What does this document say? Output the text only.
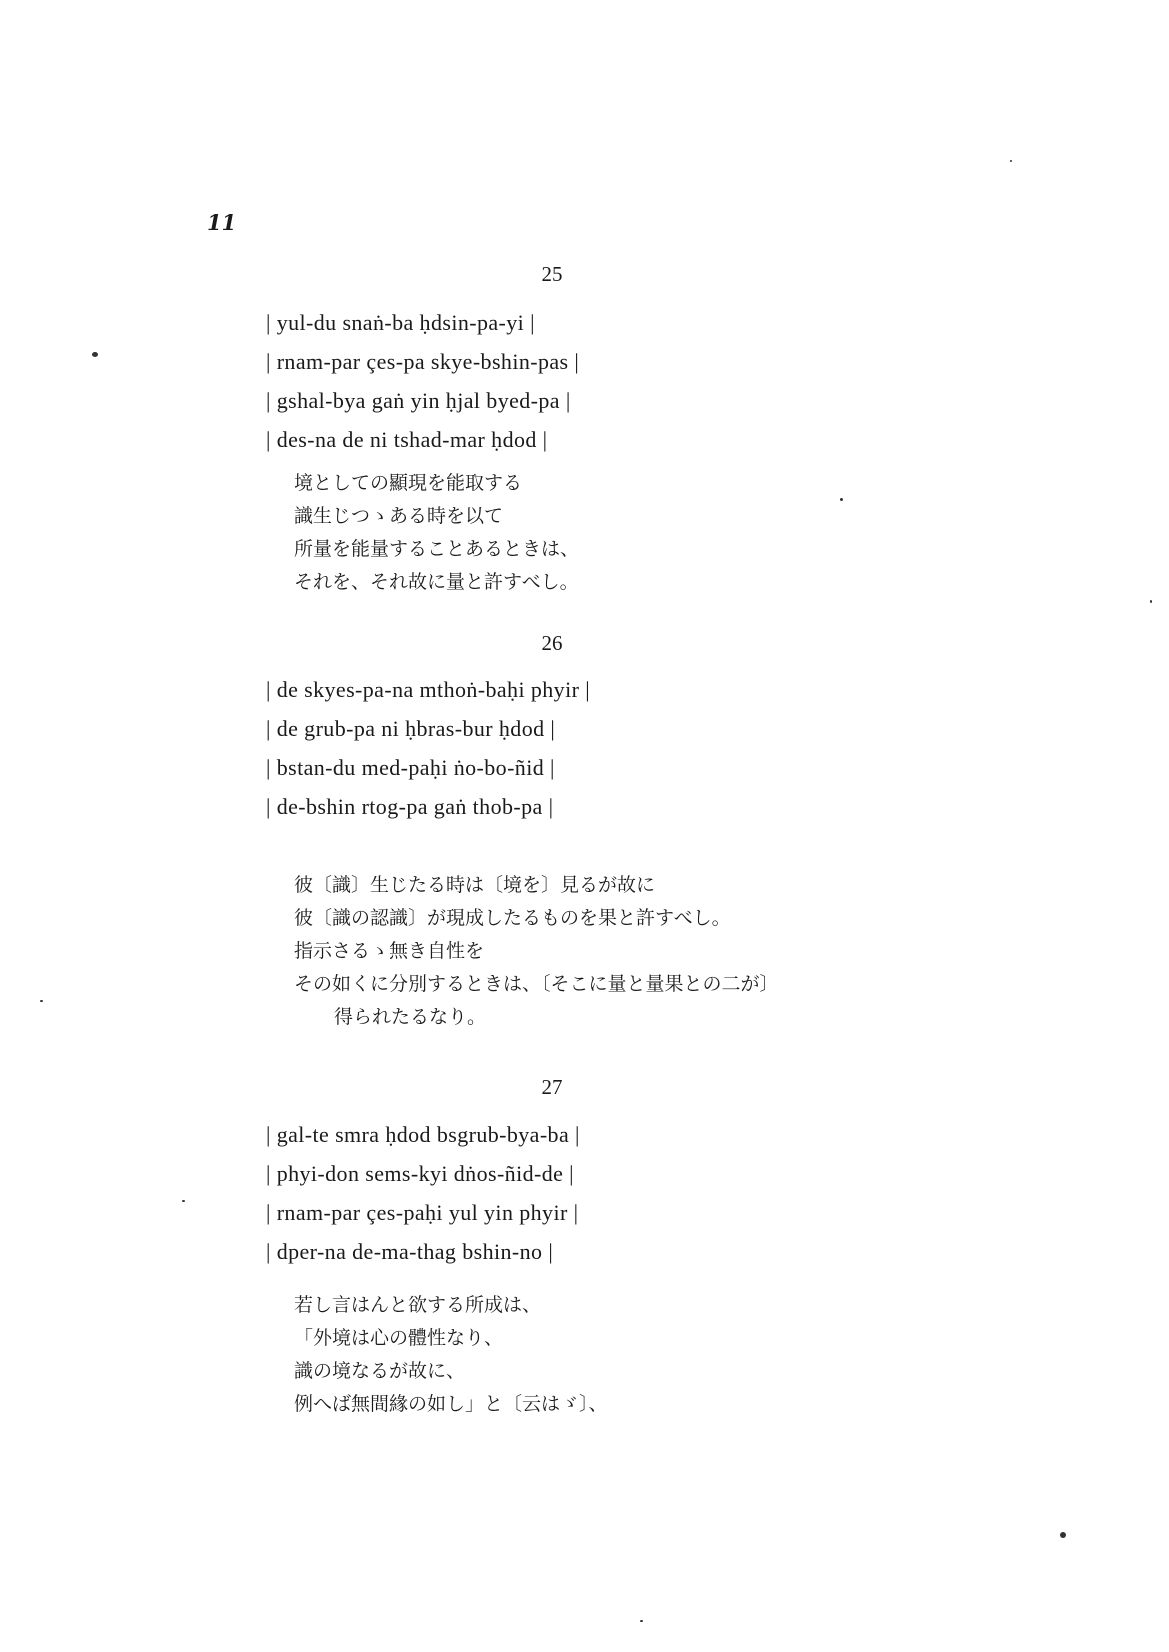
11
25
| yul-du snaṅ-ba ḥdsin-pa-yi |
| rnam-par çes-pa skye-bshin-pas |
| gshal-bya gaṅ yin ḥjal byed-pa |
| des-na de ni tshad-mar ḥdod |
境としての顯現を能取する
識生じつゝある時を以て
所量を能量することあるときは、
それを、それ故に量と許すべし。
26
| de skyes-pa-na mthoṅ-baḥi phyir |
| de grub-pa ni ḥbras-bur ḥdod |
| bstan-du med-paḥi ṅo-bo-ñid |
| de-bshin rtog-pa gaṅ thob-pa |
彼〔識〕生じたる時は〔境を〕見るが故に
彼〔識の認識〕が現成したるものを果と許すべし。
指示さるゝ無き自性を
その如くに分別するときは、〔そこに量と量果との二が〕
得られたるなり。
27
| gal-te smra ḥdod bsgrub-bya-ba |
| phyi-don sems-kyi dṅos-ñid-de |
| rnam-par çes-paḥi yul yin phyir |
| dper-na de-ma-thag bshin-no |
若し言はんと欲する所成は、
「外境は心の體性なり、
識の境なるが故に、
例へば無間緣の如し」と〔云はゞ〕、
